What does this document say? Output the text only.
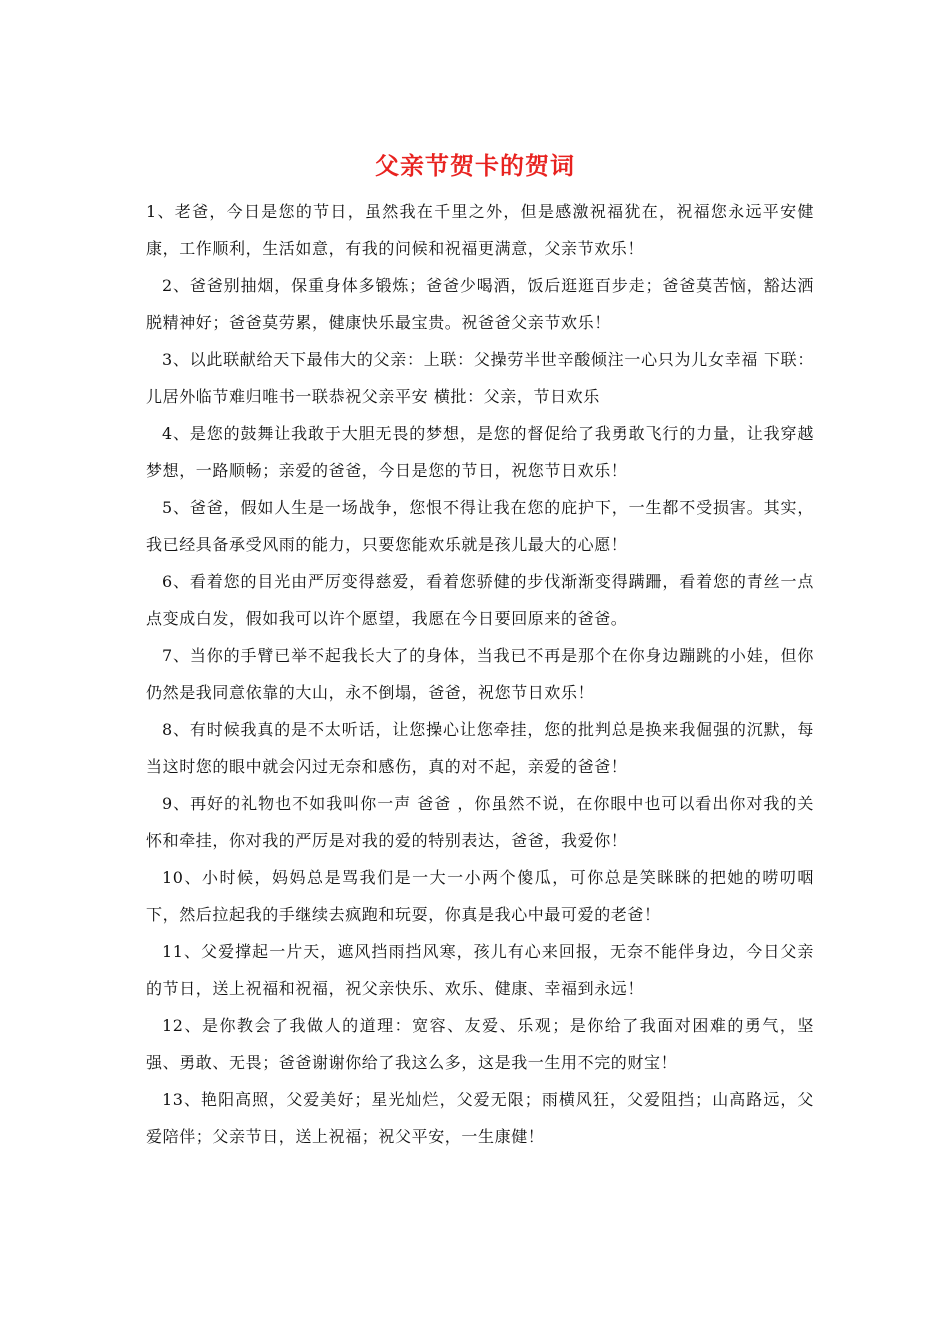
父亲节贺卡的贺词

1、老爸，今日是您的节日，虽然我在千里之外，但是感激祝福犹在，祝福您永远平安健康，工作顺利，生活如意，有我的问候和祝福更满意，父亲节欢乐！

2、爸爸别抽烟，保重身体多锻炼；爸爸少喝酒，饭后逛逛百步走；爸爸莫苦恼，豁达洒脱精神好；爸爸莫劳累，健康快乐最宝贵。祝爸爸父亲节欢乐！

3、以此联献给天下最伟大的父亲：上联：父操劳半世辛酸倾注一心只为儿女幸福 下联：儿居外临节难归唯书一联恭祝父亲平安 横批：父亲，节日欢乐

4、是您的鼓舞让我敢于大胆无畏的梦想，是您的督促给了我勇敢飞行的力量，让我穿越梦想，一路顺畅；亲爱的爸爸，今日是您的节日，祝您节日欢乐！

5、爸爸，假如人生是一场战争，您恨不得让我在您的庇护下，一生都不受损害。其实，我已经具备承受风雨的能力，只要您能欢乐就是孩儿最大的心愿！

6、看着您的目光由严厉变得慈爱，看着您骄健的步伐渐渐变得蹒跚，看着您的青丝一点点变成白发，假如我可以许个愿望，我愿在今日要回原来的爸爸。

7、当你的手臂已举不起我长大了的身体，当我已不再是那个在你身边蹦跳的小娃，但你仍然是我同意依靠的大山，永不倒塌，爸爸，祝您节日欢乐！

8、有时候我真的是不太听话，让您操心让您牵挂，您的批判总是换来我倔强的沉默，每当这时您的眼中就会闪过无奈和感伤，真的对不起，亲爱的爸爸！

9、再好的礼物也不如我叫你一声 爸爸 ，你虽然不说，在你眼中也可以看出你对我的关怀和牵挂，你对我的严厉是对我的爱的特别表达，爸爸，我爱你！

10、小时候，妈妈总是骂我们是一大一小两个傻瓜，可你总是笑眯眯的把她的唠叨咽下，然后拉起我的手继续去疯跑和玩耍，你真是我心中最可爱的老爸！

11、父爱撑起一片天，遮风挡雨挡风寒，孩儿有心来回报，无奈不能伴身边，今日父亲的节日，送上祝福和祝福，祝父亲快乐、欢乐、健康、幸福到永远！

12、是你教会了我做人的道理：宽容、友爱、乐观；是你给了我面对困难的勇气，坚强、勇敢、无畏；爸爸谢谢你给了我这么多，这是我一生用不完的财宝！

13、艳阳高照，父爱美好；星光灿烂，父爱无限；雨横风狂，父爱阻挡；山高路远，父爱陪伴；父亲节日，送上祝福；祝父平安，一生康健！
